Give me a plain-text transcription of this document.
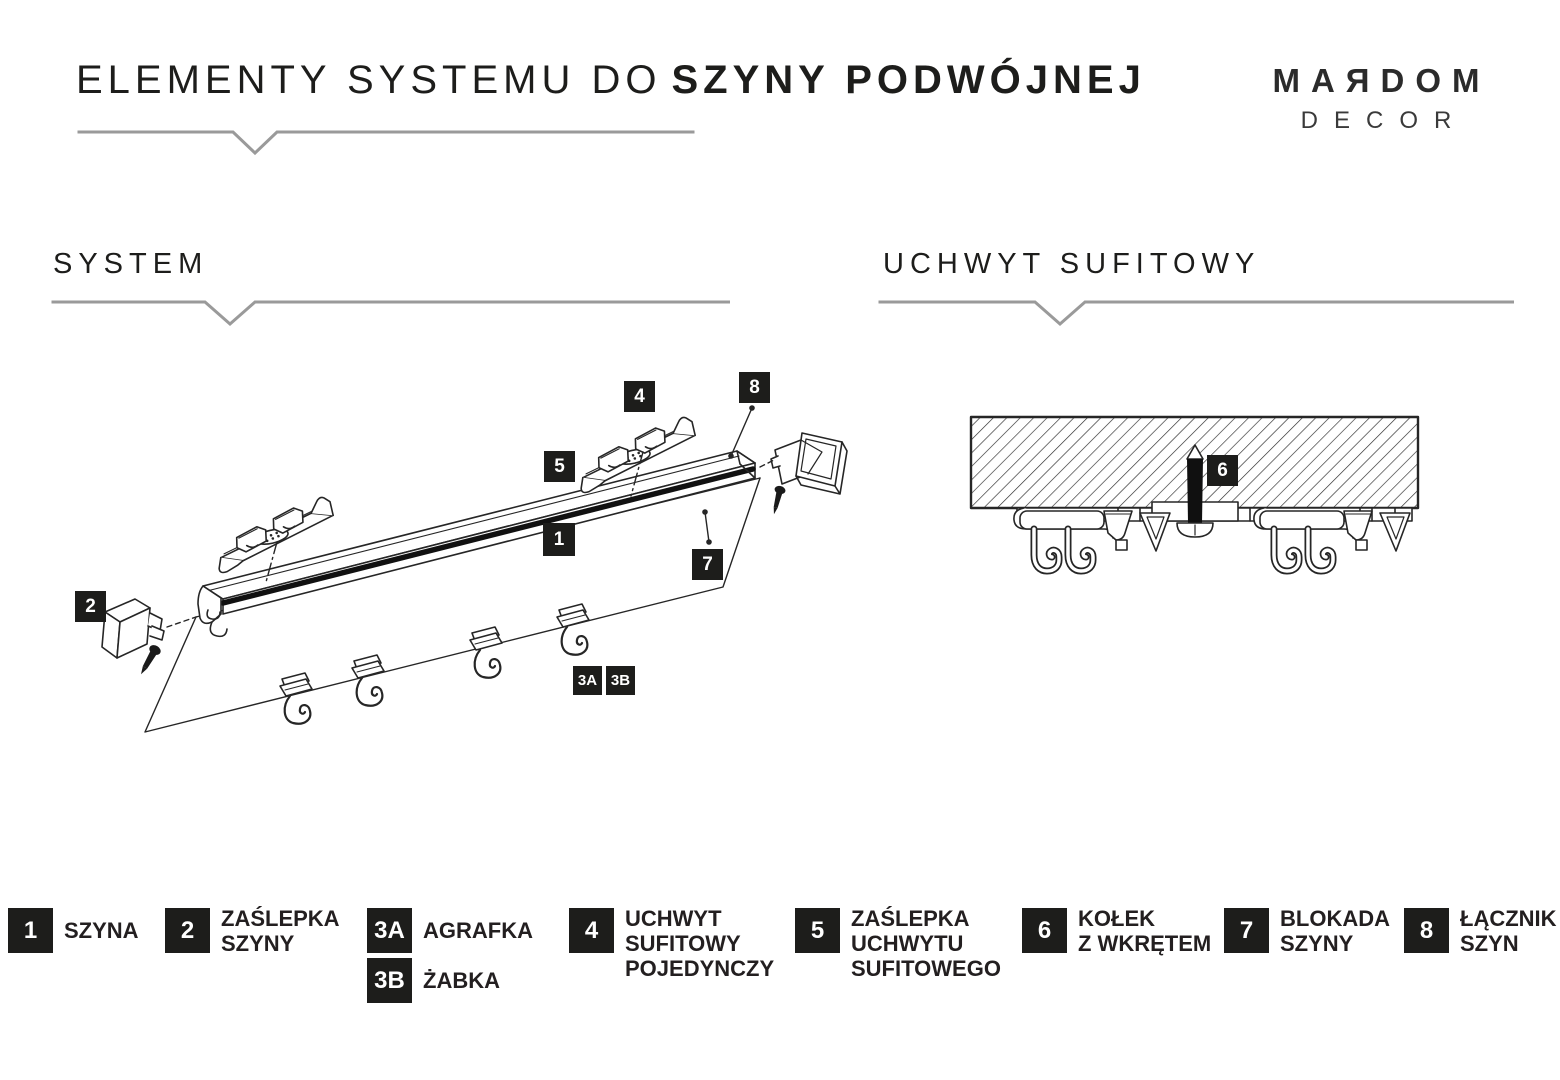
ELEMENTY SYSTEMU DO SZYNY PODWÓJNEJ	MAЯDOM
DECOR
SYSTEM	UCHWYT SUFITOWY
1
2
3A 3B
4
5
7
8
6
1	SZYNA	2	ZAŚLEPKA
SZYNY	3A AGRAFKA
3B ŻABKA
4	UCHWYT
SUFITOWY
POJEDYNCZY
5	ZAŚLEPKA
UCHWYTU
SUFITOWEGO
6	KOŁEK
Z WKRĘTEM	7	BLOKADA
SZYNY	8	ŁĄCZNIK
SZYN
